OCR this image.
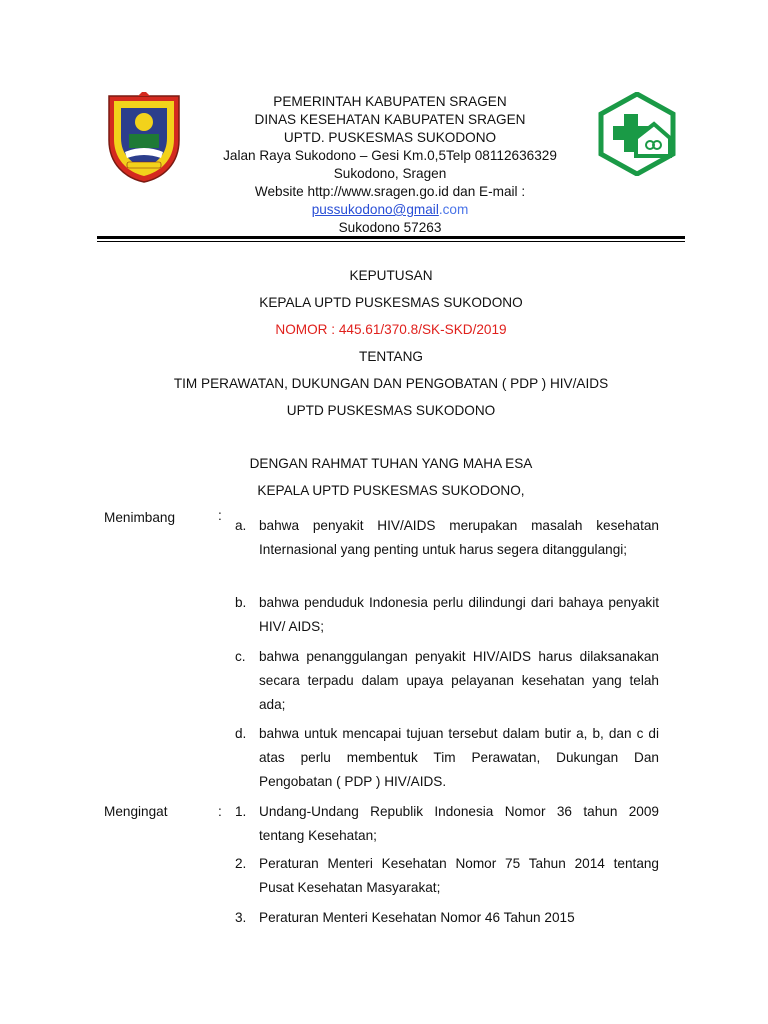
PEMERINTAH KABUPATEN SRAGEN
DINAS KESEHATAN KABUPATEN SRAGEN
UPTD. PUSKESMAS SUKODONO
Jalan Raya Sukodono – Gesi Km.0,5Telp 08112636329
Sukodono, Sragen
Website http://www.sragen.go.id dan E-mail :
pussukodono@gmail.com
Sukodono 57263
KEPUTUSAN
KEPALA UPTD PUSKESMAS SUKODONO
NOMOR : 445.61/370.8/SK-SKD/2019
TENTANG
TIM PERAWATAN, DUKUNGAN DAN PENGOBATAN ( PDP ) HIV/AIDS
UPTD PUSKESMAS SUKODONO
DENGAN RAHMAT TUHAN YANG MAHA ESA
KEPALA UPTD PUSKESMAS SUKODONO,
Menimbang	:
a. bahwa penyakit HIV/AIDS merupakan masalah kesehatan Internasional yang penting untuk harus segera ditanggulangi;
b. bahwa penduduk Indonesia perlu dilindungi dari bahaya penyakit HIV/ AIDS;
c. bahwa penanggulangan penyakit HIV/AIDS harus dilaksanakan secara terpadu dalam upaya pelayanan kesehatan yang telah ada;
d. bahwa untuk mencapai tujuan tersebut dalam butir a, b, dan c di atas perlu membentuk Tim Perawatan, Dukungan Dan Pengobatan ( PDP ) HIV/AIDS.
Mengingat	: 1. Undang-Undang Republik Indonesia Nomor 36 tahun 2009 tentang Kesehatan;
2. Peraturan Menteri Kesehatan Nomor 75 Tahun 2014 tentang Pusat Kesehatan Masyarakat;
3. Peraturan Menteri Kesehatan Nomor 46 Tahun 2015
